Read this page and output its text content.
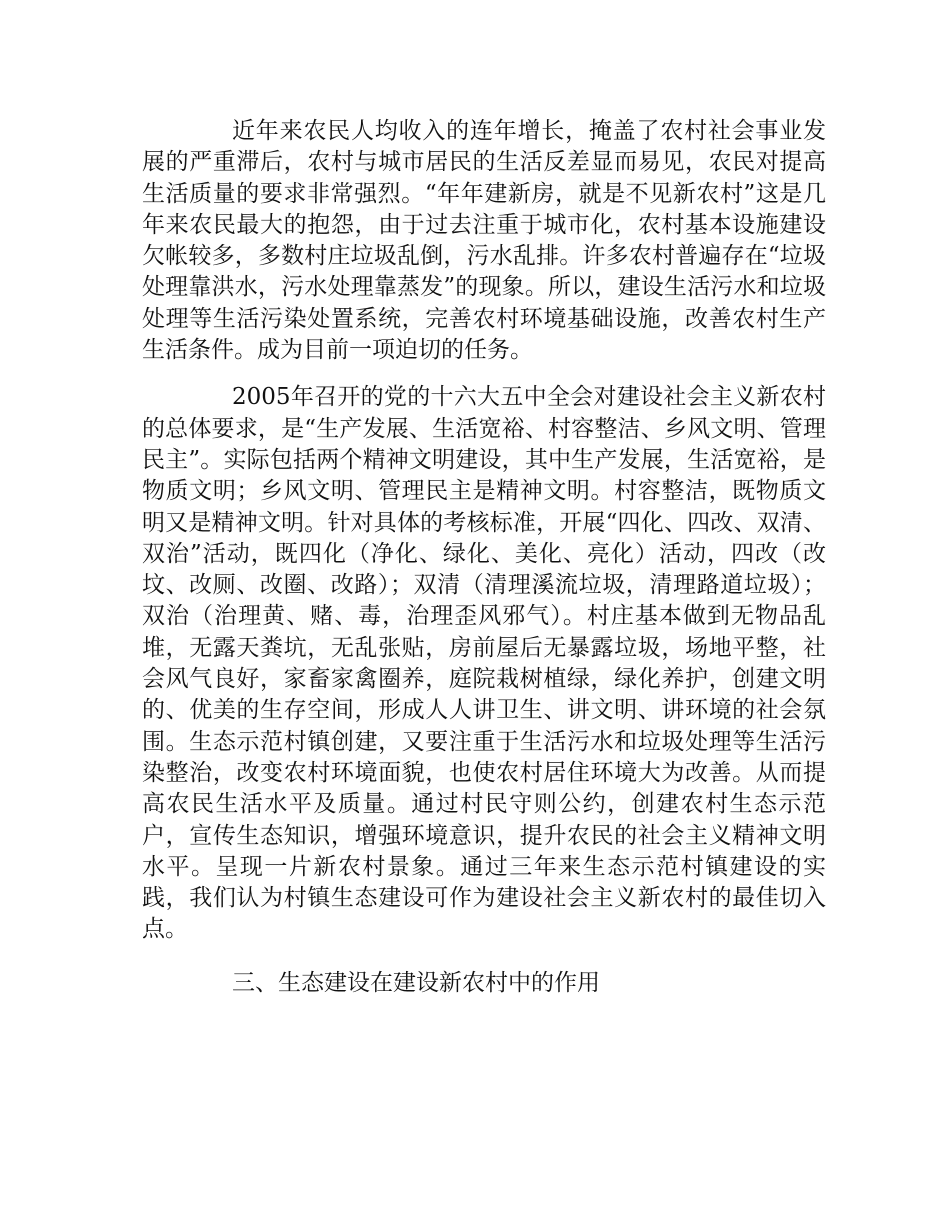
近年来农民人均收入的连年增长，掩盖了农村社会事业发展的严重滞后，农村与城市居民的生活反差显而易见，农民对提高生活质量的要求非常强烈。“年年建新房，就是不见新农村”这是几年来农民最大的抱怨，由于过去注重于城市化，农村基本设施建设欠帐较多，多数村庄垃圾乱倒，污水乱排。许多农村普遍存在“垃圾处理靠洪水，污水处理靠蒸发”的现象。所以，建设生活污水和垃圾处理等生活污染处置系统，完善农村环境基础设施，改善农村生产生活条件。成为目前一项迫切的任务。

2005年召开的党的十六大五中全会对建设社会主义新农村的总体要求，是“生产发展、生活宽裕、村容整洁、乡风文明、管理民主”。实际包括两个精神文明建设，其中生产发展，生活宽裕，是物质文明；乡风文明、管理民主是精神文明。村容整洁，既物质文明又是精神文明。针对具体的考核标准，开展“四化、四改、双清、双治”活动，既四化（净化、绿化、美化、亮化）活动，四改（改坟、改厕、改圈、改路）；双清（清理溪流垃圾，清理路道垃圾）；双治（治理黄、赌、毒，治理歪风邪气）。村庄基本做到无物品乱堆，无露天粪坑，无乱张贴，房前屋后无暴露垃圾，场地平整，社会风气良好，家畜家禽圈养，庭院栽树植绿，绿化养护，创建文明的、优美的生存空间，形成人人讲卫生、讲文明、讲环境的社会氛围。生态示范村镇创建，又要注重于生活污水和垃圾处理等生活污染整治，改变农村环境面貌，也使农村居住环境大为改善。从而提高农民生活水平及质量。通过村民守则公约，创建农村生态示范户，宣传生态知识，增强环境意识，提升农民的社会主义精神文明水平。呈现一片新农村景象。通过三年来生态示范村镇建设的实践，我们认为村镇生态建设可作为建设社会主义新农村的最佳切入点。

三、生态建设在建设新农村中的作用
